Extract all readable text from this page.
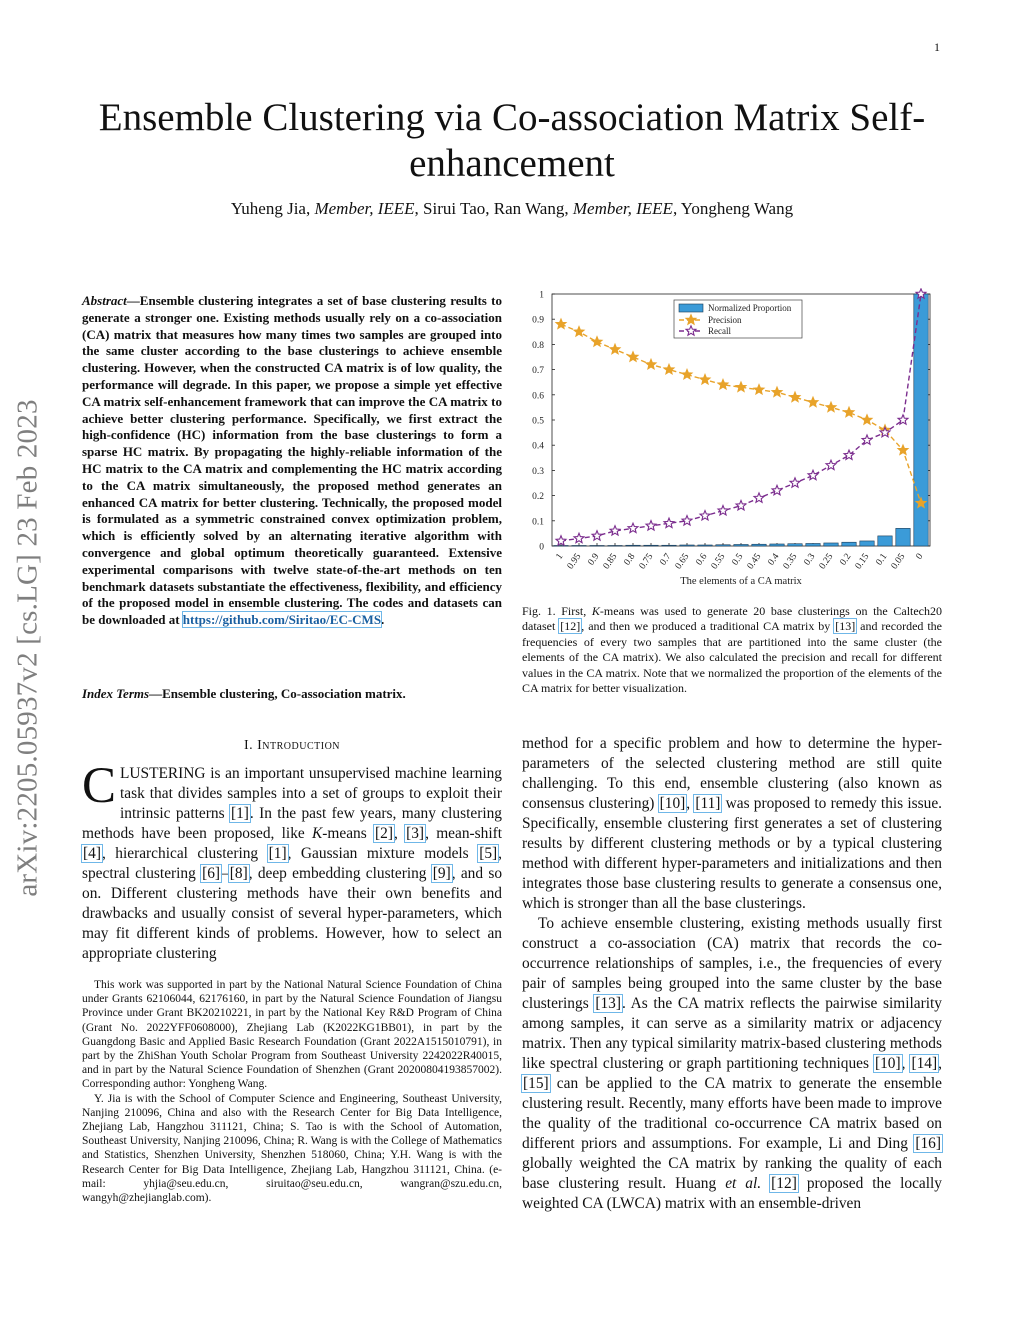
1
arXiv:2205.05937v2 [cs.LG] 23 Feb 2023
Ensemble Clustering via Co-association Matrix Self-enhancement
Yuheng Jia, Member, IEEE, Sirui Tao, Ran Wang, Member, IEEE, Yongheng Wang
Abstract—Ensemble clustering integrates a set of base clustering results to generate a stronger one. Existing methods usually rely on a co-association (CA) matrix that measures how many times two samples are grouped into the same cluster according to the base clusterings to achieve ensemble clustering. However, when the constructed CA matrix is of low quality, the performance will degrade. In this paper, we propose a simple yet effective CA matrix self-enhancement framework that can improve the CA matrix to achieve better clustering performance. Specifically, we first extract the high-confidence (HC) information from the base clusterings to form a sparse HC matrix. By propagating the highly-reliable information of the HC matrix to the CA matrix and complementing the HC matrix according to the CA matrix simultaneously, the proposed method generates an enhanced CA matrix for better clustering. Technically, the proposed model is formulated as a symmetric constrained convex optimization problem, which is efficiently solved by an alternating iterative algorithm with convergence and global optimum theoretically guaranteed. Extensive experimental comparisons with twelve state-of-the-art methods on ten benchmark datasets substantiate the effectiveness, flexibility, and efficiency of the proposed model in ensemble clustering. The codes and datasets can be downloaded at https://github.com/Siritao/EC-CMS.
Index Terms—Ensemble clustering, Co-association matrix.
I. Introduction
CLUSTERING is an important unsupervised machine learning task that divides samples into a set of groups to exploit their intrinsic patterns [1]. In the past few years, many clustering methods have been proposed, like K-means [2], [3], mean-shift [4], hierarchical clustering [1], Gaussian mixture models [5], spectral clustering [6]–[8], deep embedding clustering [9], and so on. Different clustering methods have their own benefits and drawbacks and usually consist of several hyper-parameters, which may fit different kinds of problems. However, how to select an appropriate clustering

This work was supported in part by the National Natural Science Foundation of China under Grants 62106044, 62176160, in part by the Natural Science Foundation of Jiangsu Province under Grant BK20210221, in part by the National Key R&D Program of China (Grant No. 2022YFF0608000), Zhejiang Lab (K2022KG1BB01), in part by the Guangdong Basic and Applied Basic Research Foundation (Grant 2022A1515010791), in part by the ZhiShan Youth Scholar Program from Southeast University 2242022R40015, and in part by the Natural Science Foundation of Shenzhen (Grant 20200804193857002). Corresponding author: Yongheng Wang.

Y. Jia is with the School of Computer Science and Engineering, Southeast University, Nanjing 210096, China and also with the Research Center for Big Data Intelligence, Zhejiang Lab, Hangzhou 311121, China; S. Tao is with the School of Automation, Southeast University, Nanjing 210096, China; R. Wang is with the College of Mathematics and Statistics, Shenzhen University, Shenzhen 518060, China; Y.H. Wang is with the Research Center for Big Data Intelligence, Zhejiang Lab, Hangzhou 311121, China. (e-mail: yhjia@seu.edu.cn, siruitao@seu.edu.cn, wangran@szu.edu.cn, wangyh@zhejianglab.com).

0
0.1
0.2
0.3
0.4
0.5
0.6
0.7
0.8
0.9
1
1 0.95 0.9 0.85 0.8 0.75 0.7 0.65 0.6 0.55 0.5 0.45 0.4 0.35 0.3 0.25 0.2 0.15 0.1 0.05 0
The elements of a CA matrix
Normalized Proportion
Precision
Recall
Fig. 1. First, K-means was used to generate 20 base clusterings on the Caltech20 dataset [12], and then we produced a traditional CA matrix by [13] and recorded the frequencies of every two samples that are partitioned into the same cluster (the elements of the CA matrix). We also calculated the precision and recall for different values in the CA matrix. Note that we normalized the proportion of the elements of the CA matrix for better visualization.

method for a specific problem and how to determine the hyper-parameters of the selected clustering method are still quite challenging. To this end, ensemble clustering (also known as consensus clustering) [10], [11] was proposed to remedy this issue. Specifically, ensemble clustering first generates a set of clustering results by different clustering methods or by a typical clustering method with different hyper-parameters and initializations and then integrates those base clustering results to generate a consensus one, which is stronger than all the base clusterings.

To achieve ensemble clustering, existing methods usually first construct a co-association (CA) matrix that records the co-occurrence relationships of samples, i.e., the frequencies of every pair of samples being grouped into the same cluster by the base clusterings [13]. As the CA matrix reflects the pairwise similarity among samples, it can serve as a similarity matrix or adjacency matrix. Then any typical similarity matrix-based clustering methods like spectral clustering or graph partitioning techniques [10], [14], [15] can be applied to the CA matrix to generate the ensemble clustering result. Recently, many efforts have been made to improve the quality of the traditional co-occurrence CA matrix based on different priors and assumptions. For example, Li and Ding [16] globally weighted the CA matrix by ranking the quality of each base clustering result. Huang et al. [12] proposed the locally weighted CA (LWCA) matrix with an ensemble-driven
